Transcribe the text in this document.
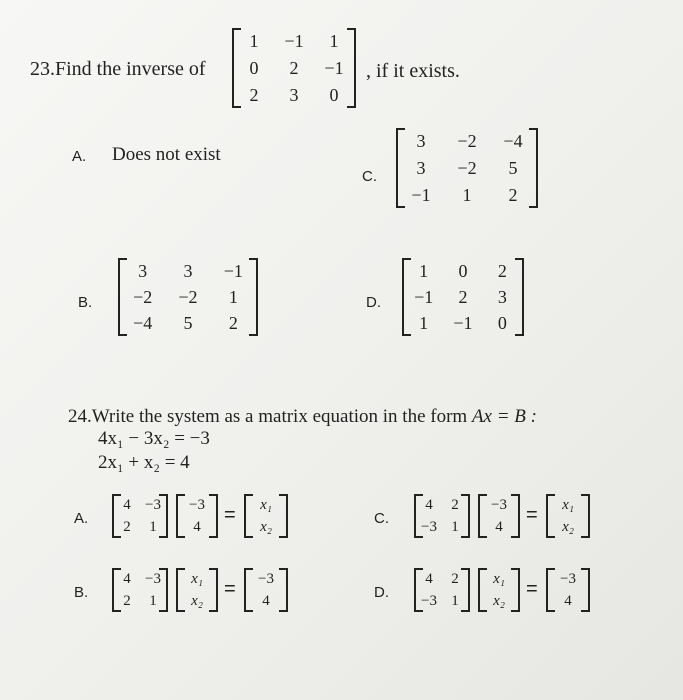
23.Find the inverse of
1 −1 1
0 2 −1
2 3 0
, if it exists.
A. Does not exist
C.
3 −2 −4
3 −2 5
−1 1 2
B.
3 3 −1
−2 −2 1
−4 5 2
D.
1 0 2
−1 2 3
1 −1 0
24.Write the system as a matrix equation in the form Ax = B :
4x₁ − 3x₂ = −3
2x₁ + x₂ = 4
A.
4 −3
2 1
−3
4
= x₁
x₂	C.
4 2
−3 1
−3
4
= x₁
x₂
B.
4 −3
2 1
x₁
x₂
= −3
4	D.
4 2
−3 1
x₁
x₂
= −3
4
